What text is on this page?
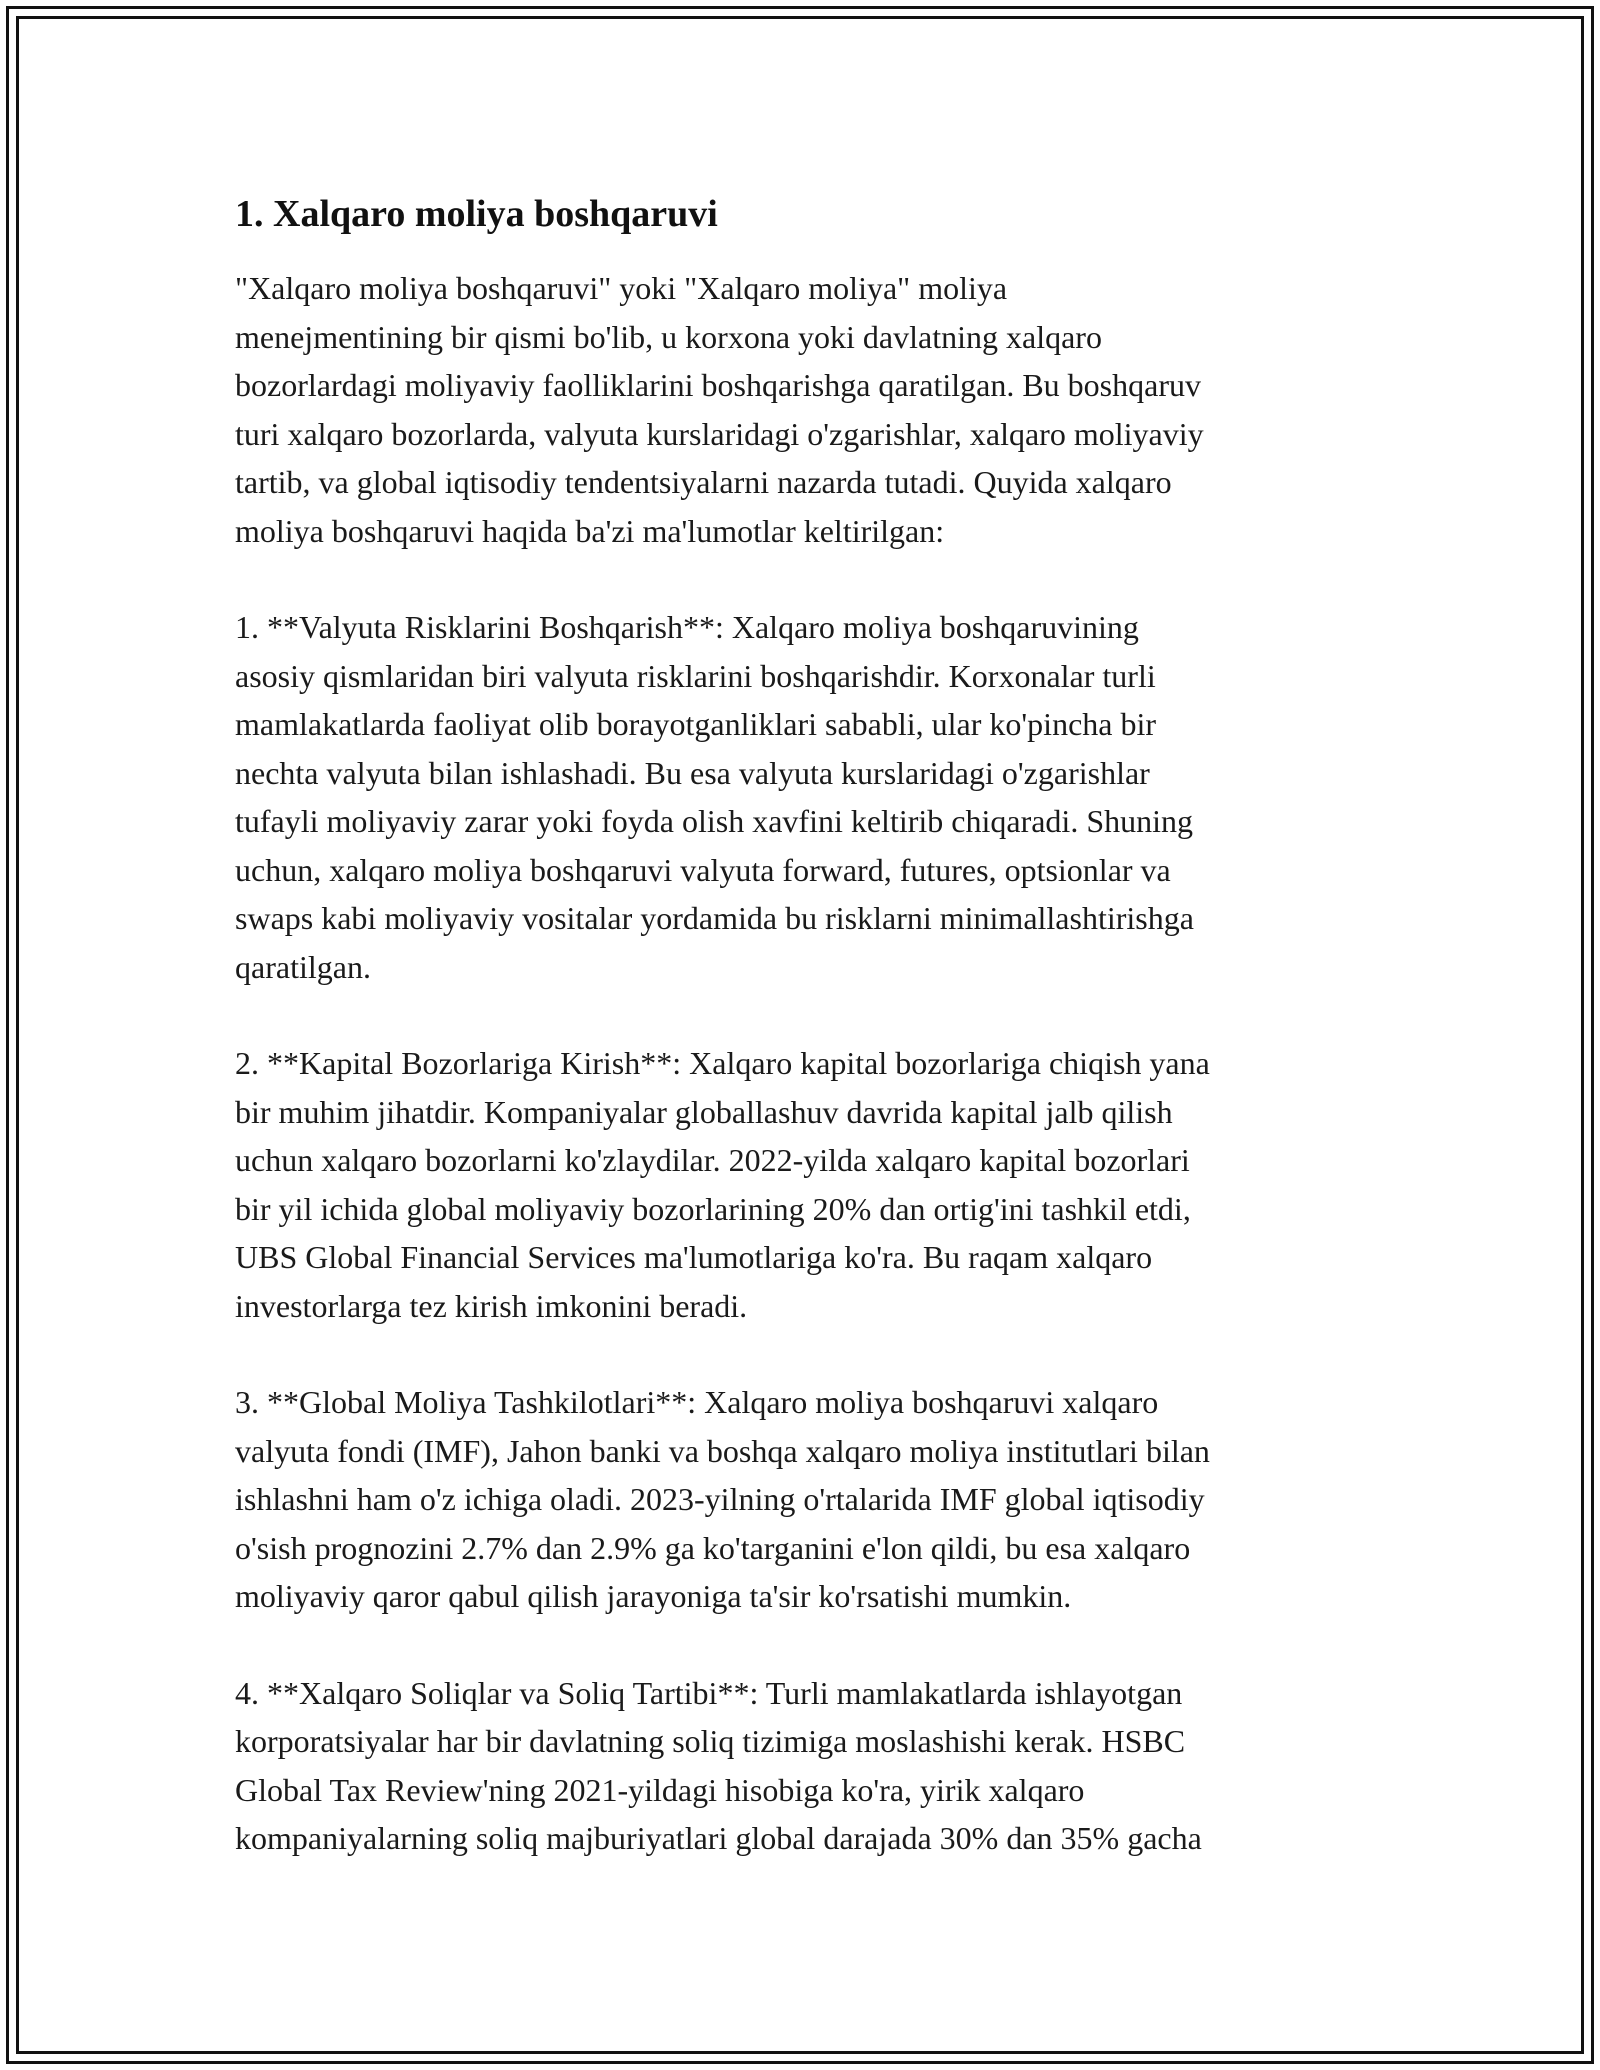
1. Xalqaro moliya boshqaruvi

"Xalqaro moliya boshqaruvi" yoki "Xalqaro moliya" moliya
menejmentining bir qismi bo'lib, u korxona yoki davlatning xalqaro
bozorlardagi moliyaviy faolliklarini boshqarishga qaratilgan. Bu boshqaruv
turi xalqaro bozorlarda, valyuta kurslaridagi o'zgarishlar, xalqaro moliyaviy
tartib, va global iqtisodiy tendentsiyalarni nazarda tutadi. Quyida xalqaro
moliya boshqaruvi haqida ba'zi ma'lumotlar keltirilgan:

1. **Valyuta Risklarini Boshqarish**: Xalqaro moliya boshqaruvining
asosiy qismlaridan biri valyuta risklarini boshqarishdir. Korxonalar turli
mamlakatlarda faoliyat olib borayotganliklari sababli, ular ko'pincha bir
nechta valyuta bilan ishlashadi. Bu esa valyuta kurslaridagi o'zgarishlar
tufayli moliyaviy zarar yoki foyda olish xavfini keltirib chiqaradi. Shuning
uchun, xalqaro moliya boshqaruvi valyuta forward, futures, optsionlar va
swaps kabi moliyaviy vositalar yordamida bu risklarni minimallashtirishga
qaratilgan.

2. **Kapital Bozorlariga Kirish**: Xalqaro kapital bozorlariga chiqish yana
bir muhim jihatdir. Kompaniyalar globallashuv davrida kapital jalb qilish
uchun xalqaro bozorlarni ko'zlaydilar. 2022-yilda xalqaro kapital bozorlari
bir yil ichida global moliyaviy bozorlarining 20% dan ortig'ini tashkil etdi,
UBS Global Financial Services ma'lumotlariga ko'ra. Bu raqam xalqaro
investorlarga tez kirish imkonini beradi.

3. **Global Moliya Tashkilotlari**: Xalqaro moliya boshqaruvi xalqaro
valyuta fondi (IMF), Jahon banki va boshqa xalqaro moliya institutlari bilan
ishlashni ham o'z ichiga oladi. 2023-yilning o'rtalarida IMF global iqtisodiy
o'sish prognozini 2.7% dan 2.9% ga ko'targanini e'lon qildi, bu esa xalqaro
moliyaviy qaror qabul qilish jarayoniga ta'sir ko'rsatishi mumkin.

4. **Xalqaro Soliqlar va Soliq Tartibi**: Turli mamlakatlarda ishlayotgan
korporatsiyalar har bir davlatning soliq tizimiga moslashishi kerak. HSBC
Global Tax Review'ning 2021-yildagi hisobiga ko'ra, yirik xalqaro
kompaniyalarning soliq majburiyatlari global darajada 30% dan 35% gacha
